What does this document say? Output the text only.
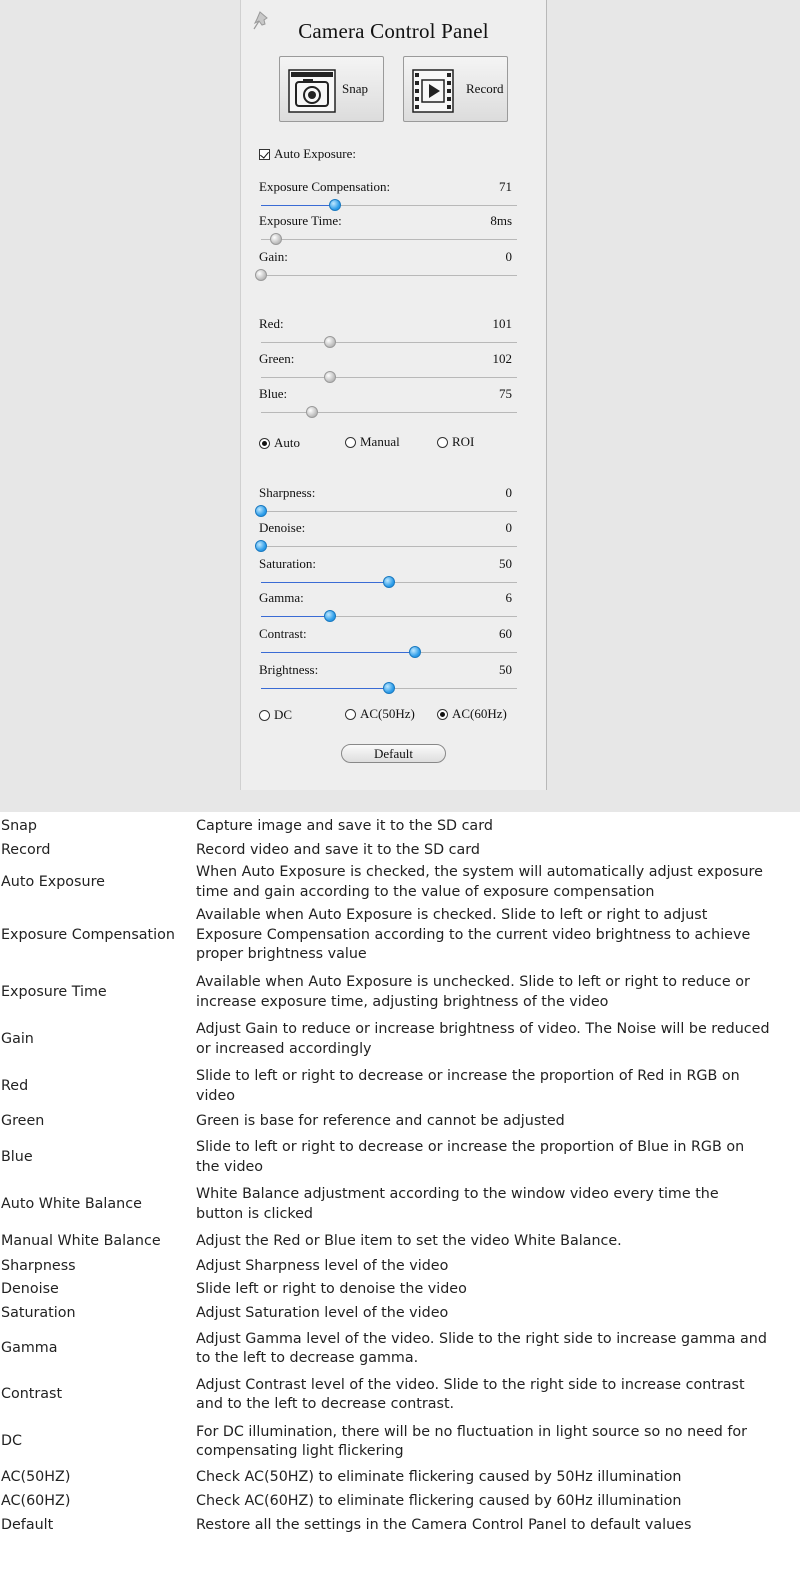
Camera Control Panel
Snap	Record
Auto Exposure:
Exposure Compensation:	71
Exposure Time:	8ms
Gain:	0
Red:	101
Green:	102
Blue:	75
Sharpness:	0
Denoise:	0
Saturation:	50
Gamma:	6
Contrast:	60
Brightness:	50
Auto	Manual	ROI
DC	AC(50Hz)	AC(60Hz)
Default
Snap	Capture image and save it to the SD card
Record	Record video and save it to the SD card
Auto Exposure	When Auto Exposure is checked, the system will automatically adjust exposure time and gain according to the value of exposure compensation
Exposure Compensation	Available when Auto Exposure is checked. Slide to left or right to adjust Exposure Compensation according to the current video brightness to achieve proper brightness value
Exposure Time	Available when Auto Exposure is unchecked. Slide to left or right to reduce or increase exposure time, adjusting brightness of the video
Gain	Adjust Gain to reduce or increase brightness of video. The Noise will be reduced or increased accordingly
Red	Slide to left or right to decrease or increase the proportion of Red in RGB on video
Green	Green is base for reference and cannot be adjusted
Blue	Slide to left or right to decrease or increase the proportion of Blue in RGB on the video
Auto White Balance	White Balance adjustment according to the window video every time the button is clicked
Manual White Balance	Adjust the Red or Blue item to set the video White Balance.
Sharpness	Adjust Sharpness level of the video
Denoise	Slide left or right to denoise the video
Saturation	Adjust Saturation level of the video
Gamma	Adjust Gamma level of the video. Slide to the right side to increase gamma and to the left to decrease gamma.
Contrast	Adjust Contrast level of the video. Slide to the right side to increase contrast and to the left to decrease contrast.
DC	For DC illumination, there will be no fluctuation in light source so no need for compensating light flickering
AC(50HZ)	Check AC(50HZ) to eliminate flickering caused by 50Hz illumination
AC(60HZ)	Check AC(60HZ) to eliminate flickering caused by 60Hz illumination
Default	Restore all the settings in the Camera Control Panel to default values
